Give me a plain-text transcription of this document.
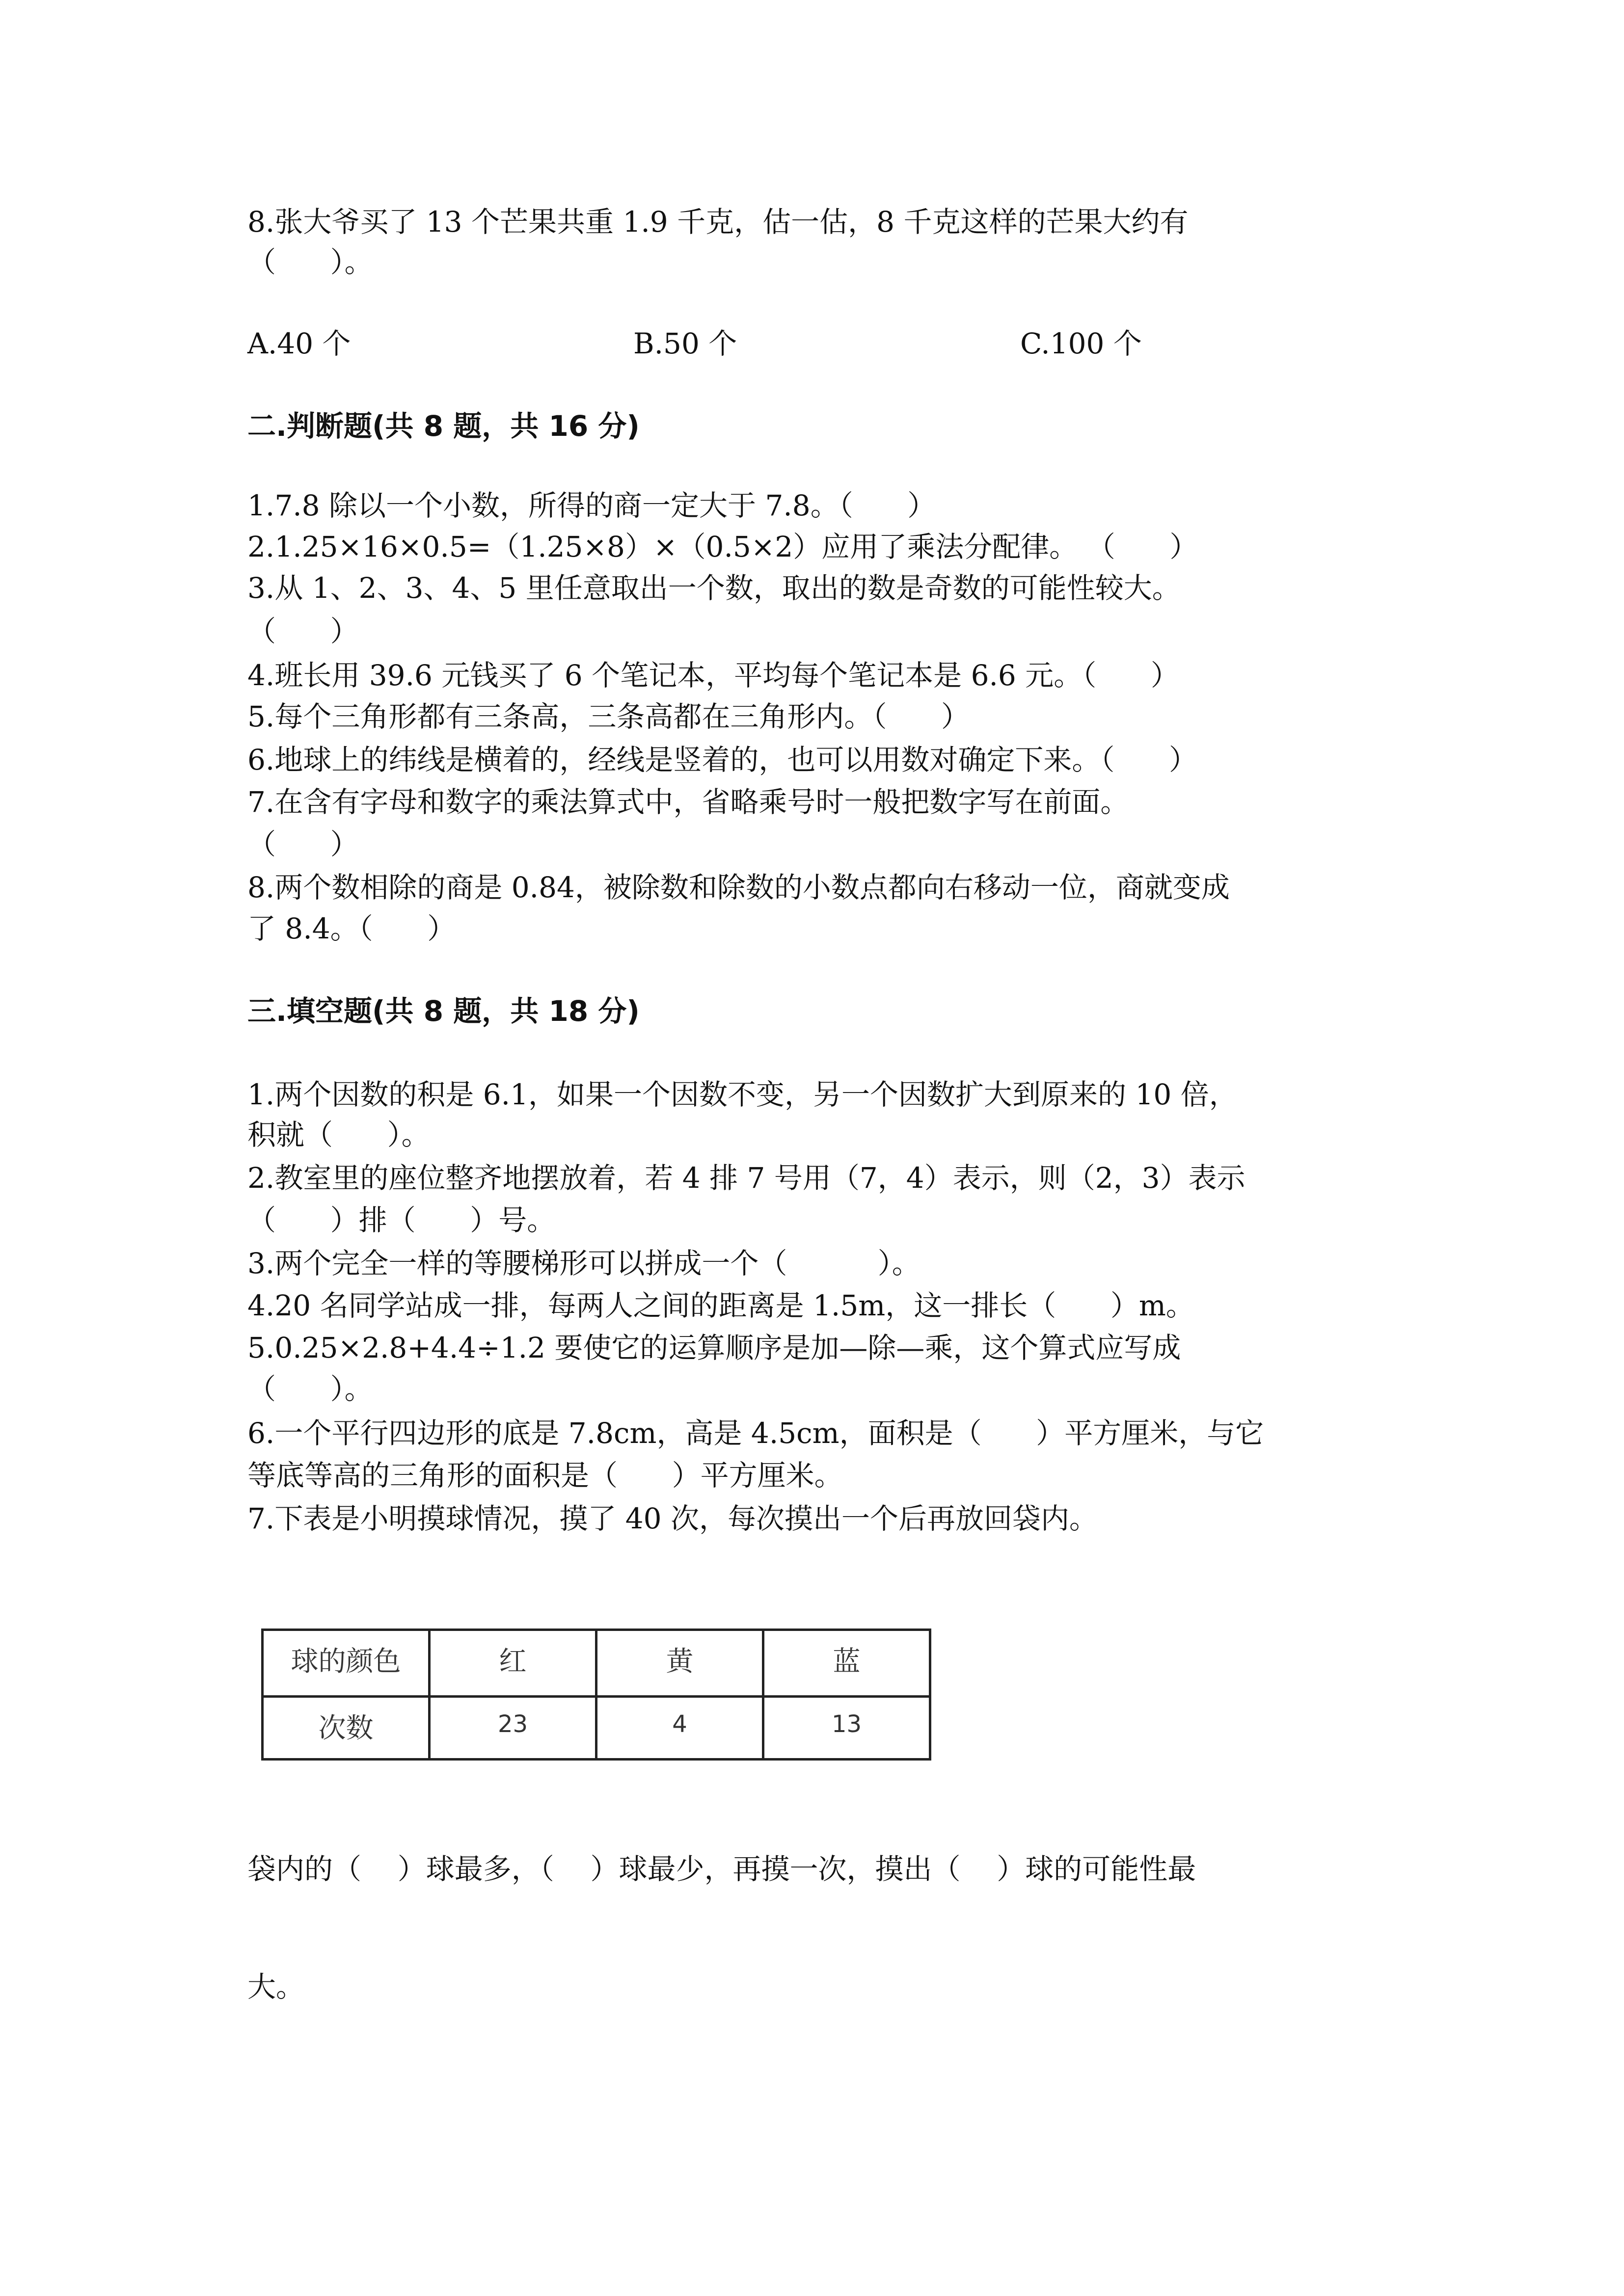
8.张大爷买了 13 个芒果共重 1.9 千克，估一估，8 千克这样的芒果大约有

（      ）。

A.40 个	B.50 个	C.100 个

二.判断题(共 8 题，共 16 分)

1.7.8 除以一个小数，所得的商一定大于 7.8。（      ）

2.1.25×16×0.5=（1.25×8）×（0.5×2）应用了乘法分配律。 （      ）

3.从 1、2、3、4、5 里任意取出一个数，取出的数是奇数的可能性较大。

（      ）

4.班长用 39.6 元钱买了 6 个笔记本，平均每个笔记本是 6.6 元。（      ）

5.每个三角形都有三条高，三条高都在三角形内。（      ）

6.地球上的纬线是横着的，经线是竖着的，也可以用数对确定下来。（      ）

7.在含有字母和数字的乘法算式中，省略乘号时一般把数字写在前面。

（      ）

8.两个数相除的商是 0.84，被除数和除数的小数点都向右移动一位，商就变成

了 8.4。（      ）

三.填空题(共 8 题，共 18 分)

1.两个因数的积是 6.1，如果一个因数不变，另一个因数扩大到原来的 10 倍，

积就（      ）。

2.教室里的座位整齐地摆放着，若 4 排 7 号用（7，4）表示，则（2，3）表示

（      ）排（      ）号。

3.两个完全一样的等腰梯形可以拼成一个（          ）。

4.20 名同学站成一排，每两人之间的距离是 1.5m，这一排长（      ）m。

5.0.25×2.8+4.4÷1.2 要使它的运算顺序是加—除—乘，这个算式应写成

（      ）。

6.一个平行四边形的底是 7.8cm，高是 4.5cm，面积是（      ）平方厘米，与它

等底等高的三角形的面积是（      ）平方厘米。

7.下表是小明摸球情况，摸了 40 次，每次摸出一个后再放回袋内。

球的颜色	红	黄	蓝
次数	23	4	13

袋内的（    ）球最多，（    ）球最少，再摸一次，摸出（    ）球的可能性最

大。
